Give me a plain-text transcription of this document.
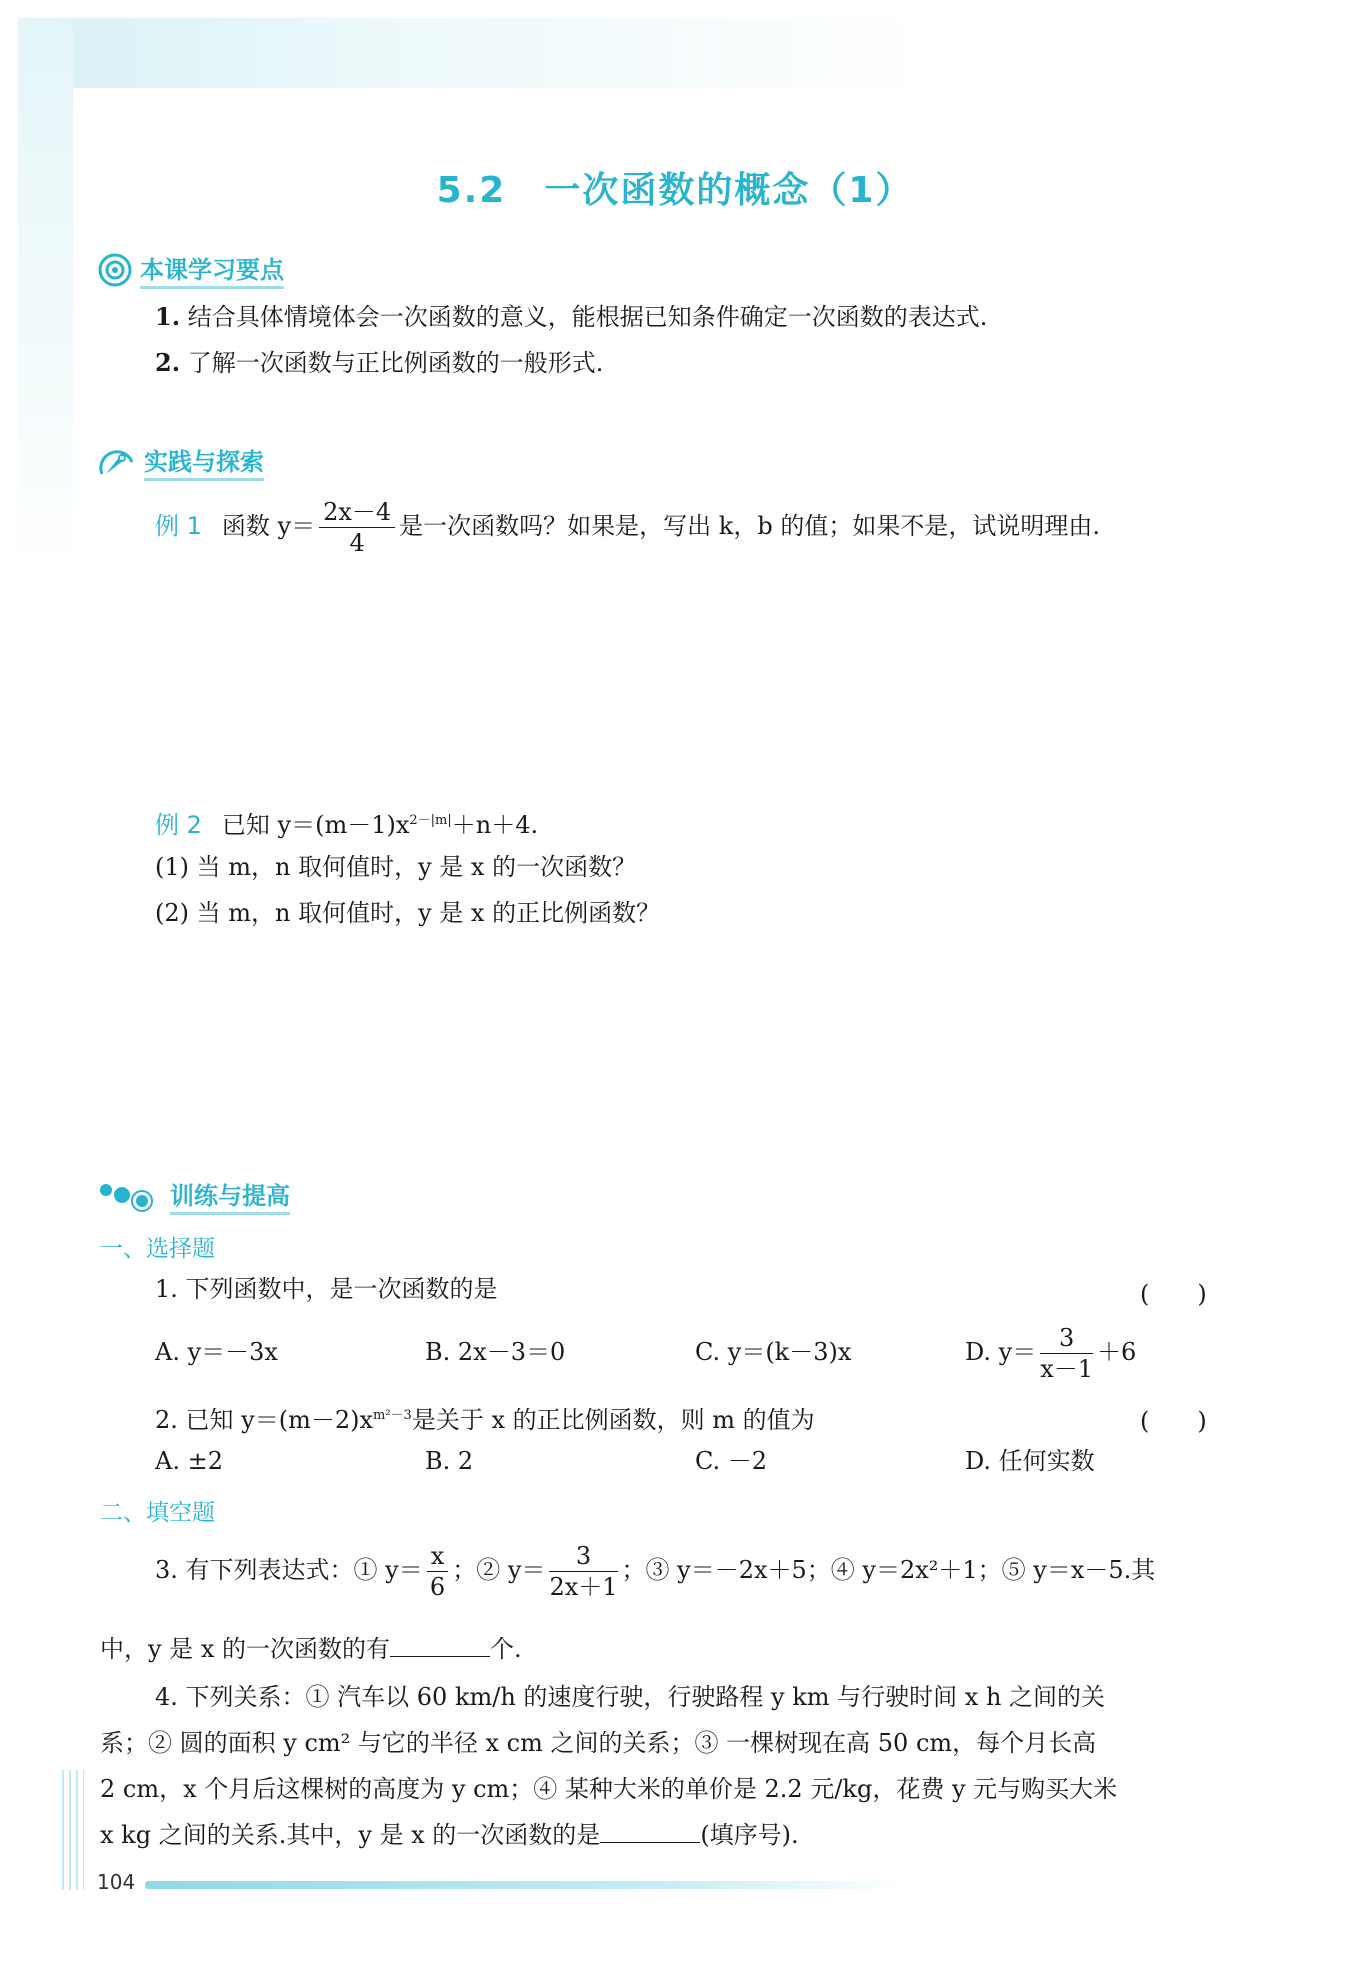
5.2 一次函数的概念（1）
本课学习要点
1. 结合具体情境体会一次函数的意义，能根据已知条件确定一次函数的表达式.
2. 了解一次函数与正比例函数的一般形式.
实践与探索
例 1 函数 $y= \frac{2x-4}{4}$ 是一次函数吗？如果是，写出 k，b 的值；如果不是，试说明理由.
例 2 已知 $y=(m-1)x^{2-|m|}+n+4$.
(1) 当 m，n 取何值时，y 是 x 的一次函数？
(2) 当 m，n 取何值时，y 是 x 的正比例函数？
训练与提高
一、选择题
1. 下列函数中，是一次函数的是	(　　)
A. y＝－3x	B. 2x－3＝0	C. y＝(k－3)x	D. $y= \frac{3}{x-1} +6$
2. 已知 $y=(m-2)x^{m^2-3}$是关于 x 的正比例函数，则 m 的值为	(　　)
A. ±2	B. 2	C. －2	D. 任何实数
二、填空题
3. 有下列表达式：① $y= \frac{x}{6}$ ；② $y= \frac{3}{2x+1}$ ；③ y＝－2x＋5；④ y＝2x²＋1；⑤ y＝x－5.其
中，y 是 x 的一次函数的有	个.
4. 下列关系：① 汽车以 60 km/h 的速度行驶，行驶路程 y km 与行驶时间 x h 之间的关
系；② 圆的面积 y cm² 与它的半径 x cm 之间的关系；③ 一棵树现在高 50 cm，每个月长高
2 cm，x 个月后这棵树的高度为 y cm；④ 某种大米的单价是 2.2 元/kg，花费 y 元与购买大米
x kg 之间的关系.其中，y 是 x 的一次函数的是	(填序号).
104
